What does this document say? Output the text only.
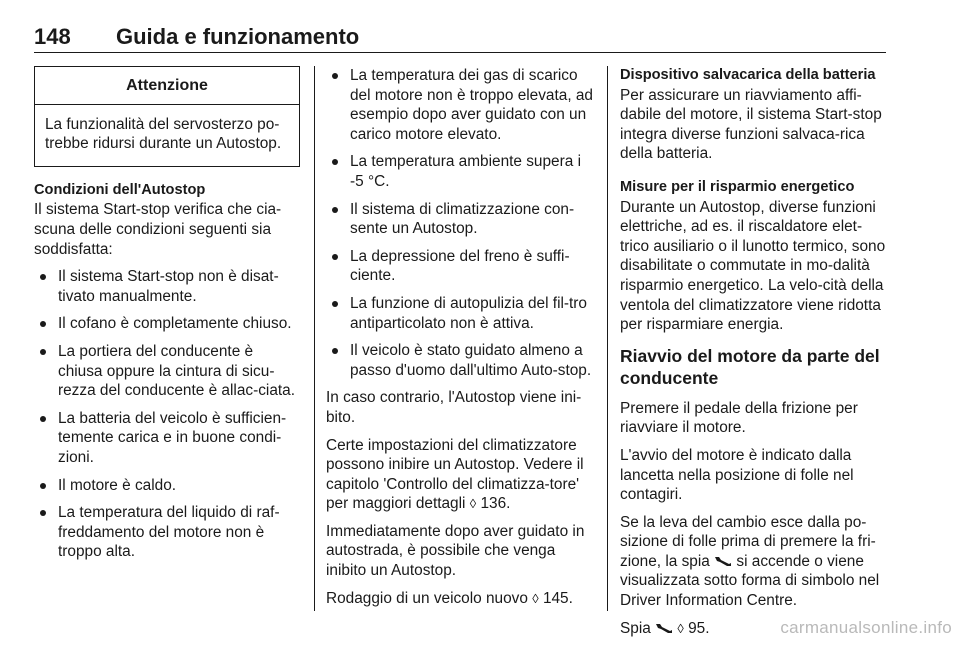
148 Guida e funzionamento
Attenzione
La funzionalità del servosterzo po-trebbe ridursi durante un Autostop.
Condizioni dell'Autostop

Il sistema Start-stop verifica che cia-scuna delle condizioni seguenti sia soddisfatta:

Il sistema Start-stop non è disat-tivato manualmente.
Il cofano è completamente chiuso.
La portiera del conducente è chiusa oppure la cintura di sicu-rezza del conducente è allac-ciata.
La batteria del veicolo è sufficien-temente carica e in buone condi-zioni.
Il motore è caldo.
La temperatura del liquido di raf-freddamento del motore non è troppo alta.
La temperatura dei gas di scarico del motore non è troppo elevata, ad esempio dopo aver guidato con un carico motore elevato.
La temperatura ambiente supera i -5 °C.
Il sistema di climatizzazione con-sente un Autostop.
La depressione del freno è suffi-ciente.
La funzione di autopulizia del fil-tro antiparticolato non è attiva.
Il veicolo è stato guidato almeno a passo d'uomo dall'ultimo Auto-stop.

In caso contrario, l'Autostop viene ini-bito.

Certe impostazioni del climatizzatore possono inibire un Autostop. Vedere il capitolo 'Controllo del climatizza-tore' per maggiori dettagli ◊ 136.

Immediatamente dopo aver guidato in autostrada, è possibile che venga inibito un Autostop.

Rodaggio di un veicolo nuovo ◊ 145.

Dispositivo salvacarica della batteria

Per assicurare un riavviamento affi-dabile del motore, il sistema Start-stop integra diverse funzioni salvaca-rica della batteria.

Misure per il risparmio energetico

Durante un Autostop, diverse funzioni elettriche, ad es. il riscaldatore elet-trico ausiliario o il lunotto termico, sono disabilitate o commutate in mo-dalità risparmio energetico. La velo-cità della ventola del climatizzatore viene ridotta per risparmiare energia.

Riavvio del motore da parte del conducente

Premere il pedale della frizione per riavviare il motore.

L'avvio del motore è indicato dalla lancetta nella posizione di folle nel contagiri.

Se la leva del cambio esce dalla po-sizione di folle prima di premere la fri-zione, la spia si accende o viene visualizzata sotto forma di simbolo nel Driver Information Centre.

Spia ◊ 95.	carmanualsonline.info
